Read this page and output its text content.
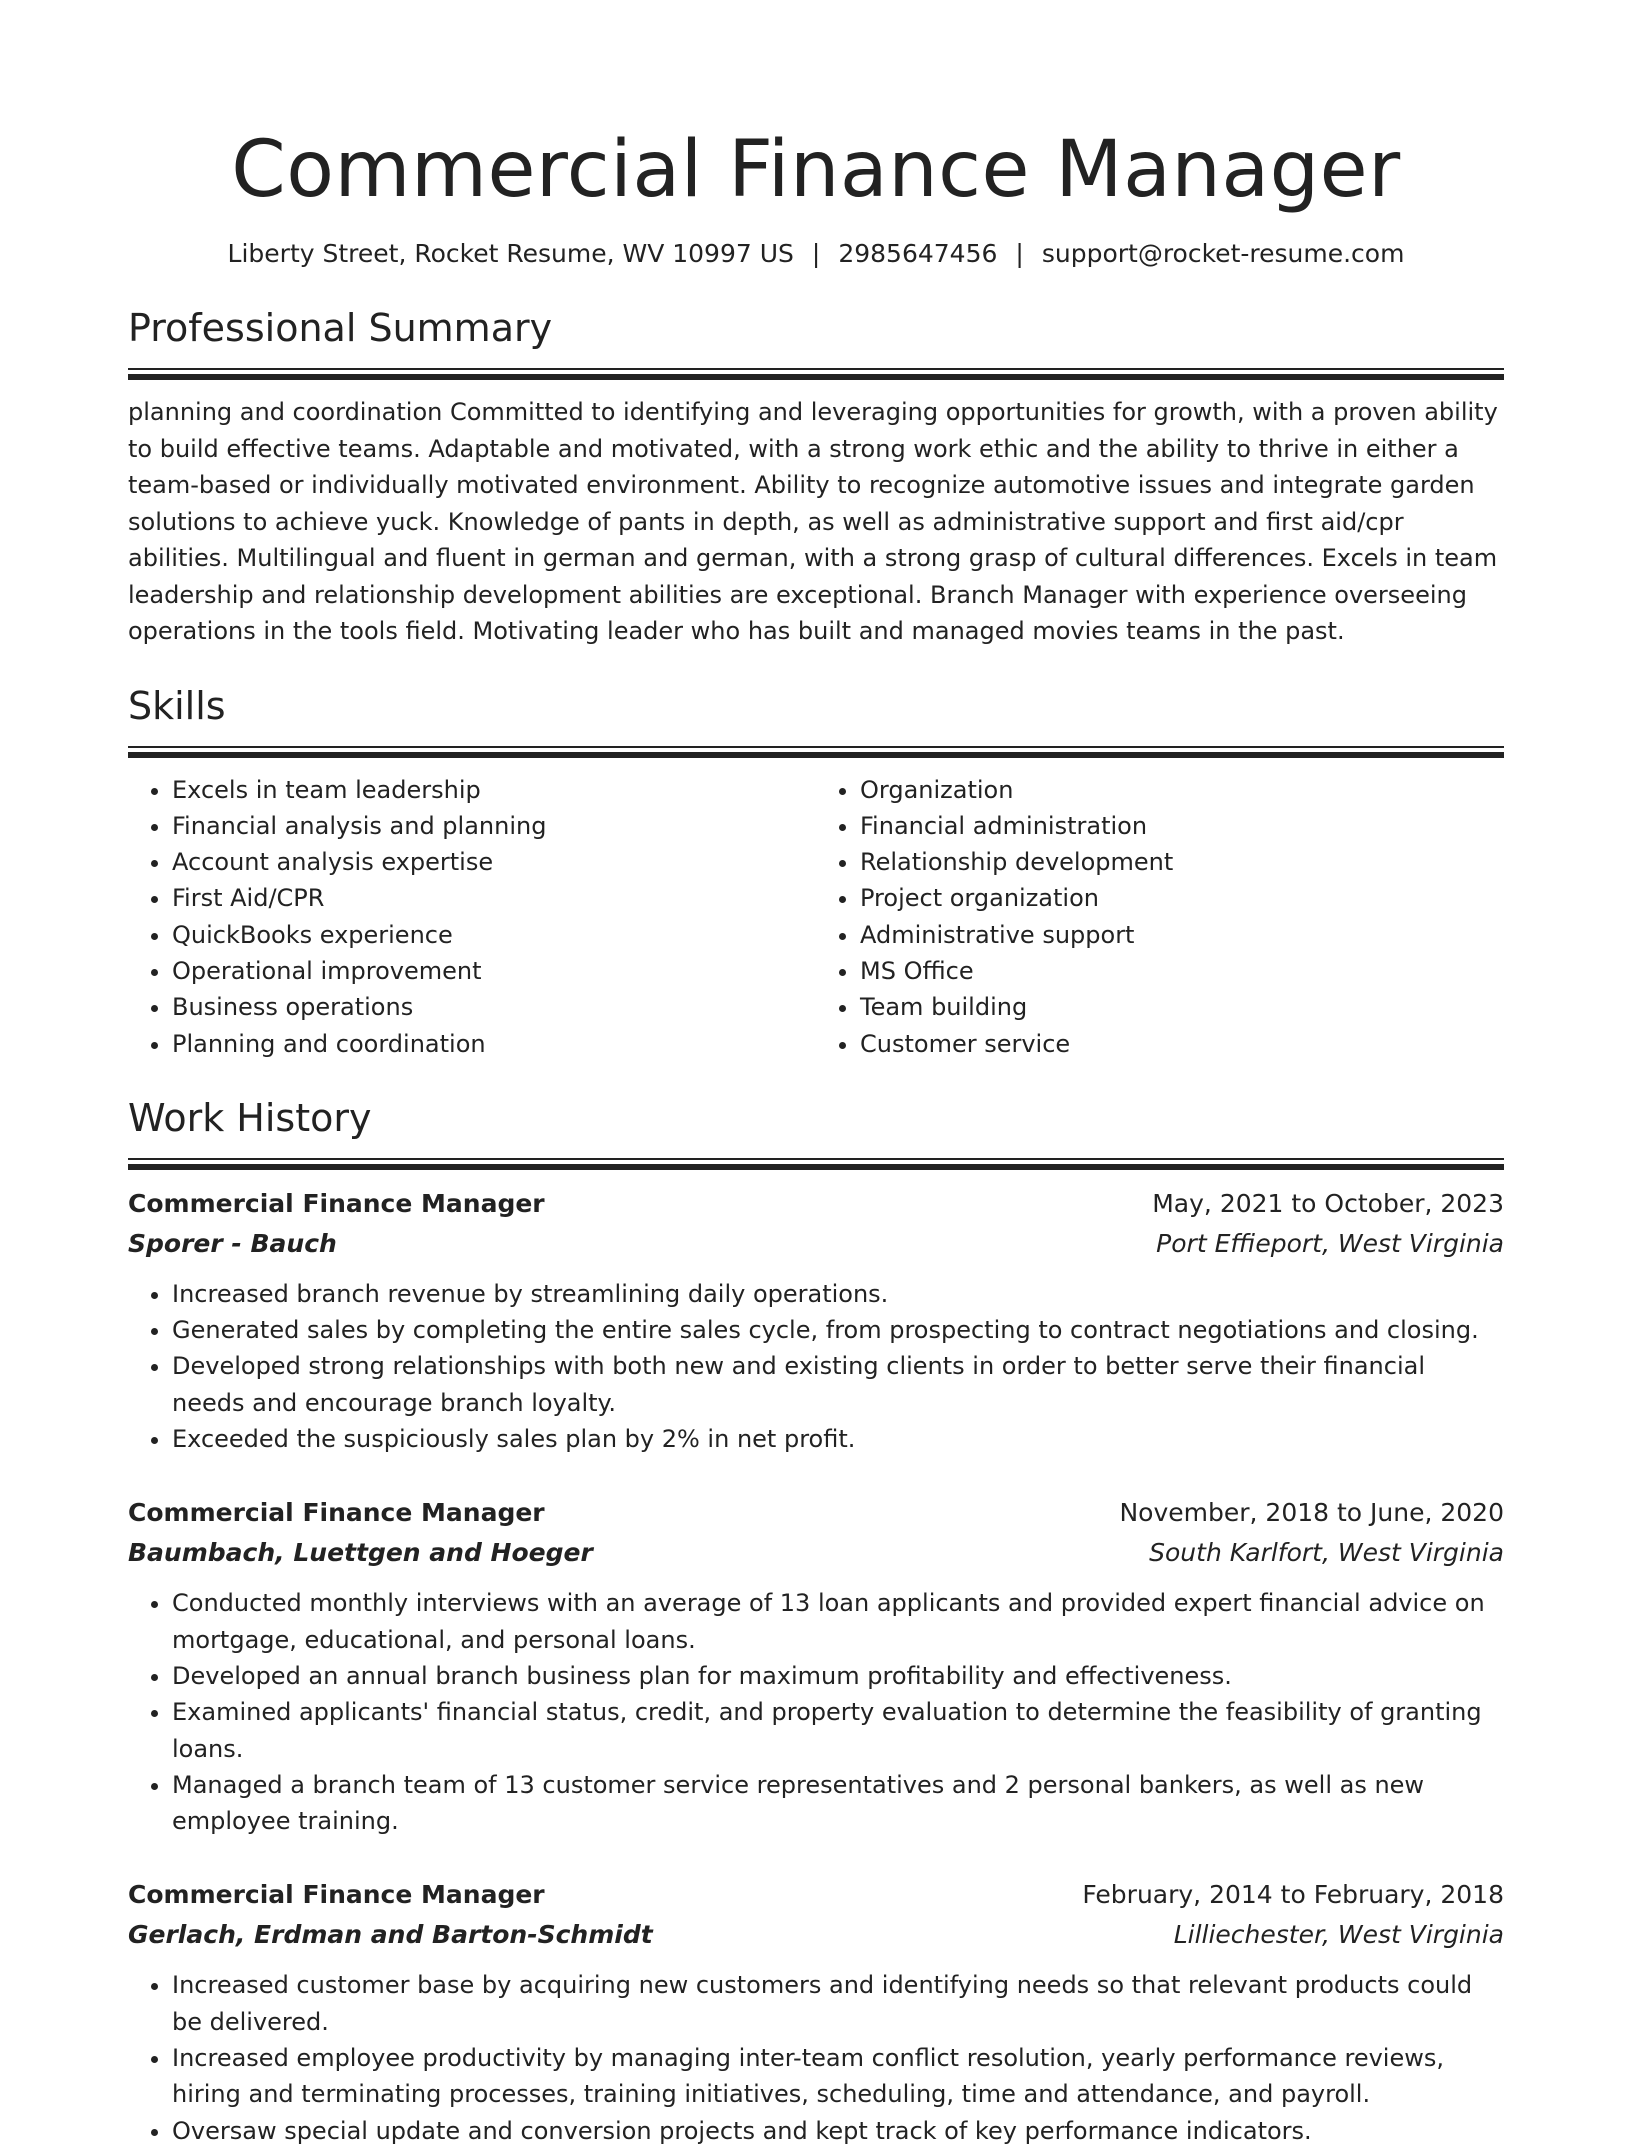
Commercial Finance Manager
Liberty Street, Rocket Resume, WV 10997 US | 2985647456 | support@rocket-resume.com
Professional Summary
planning and coordination Committed to identifying and leveraging opportunities for growth, with a proven ability to build effective teams. Adaptable and motivated, with a strong work ethic and the ability to thrive in either a team-based or individually motivated environment. Ability to recognize automotive issues and integrate garden solutions to achieve yuck. Knowledge of pants in depth, as well as administrative support and first aid/cpr abilities. Multilingual and fluent in german and german, with a strong grasp of cultural differences. Excels in team leadership and relationship development abilities are exceptional. Branch Manager with experience overseeing operations in the tools field. Motivating leader who has built and managed movies teams in the past.
Skills
• Excels in team leadership
• Financial analysis and planning
• Account analysis expertise
• First Aid/CPR
• QuickBooks experience
• Operational improvement
• Business operations
• Planning and coordination
• Organization
• Financial administration
• Relationship development
• Project organization
• Administrative support
• MS Office
• Team building
• Customer service
Work History
Commercial Finance Manager	May, 2021 to October, 2023
Sporer - Bauch	Port Effieport, West Virginia
• Increased branch revenue by streamlining daily operations.
• Generated sales by completing the entire sales cycle, from prospecting to contract negotiations and closing.
• Developed strong relationships with both new and existing clients in order to better serve their financial needs and encourage branch loyalty.
• Exceeded the suspiciously sales plan by 2% in net profit.
Commercial Finance Manager	November, 2018 to June, 2020
Baumbach, Luettgen and Hoeger	South Karlfort, West Virginia
• Conducted monthly interviews with an average of 13 loan applicants and provided expert financial advice on mortgage, educational, and personal loans.
• Developed an annual branch business plan for maximum profitability and effectiveness.
• Examined applicants' financial status, credit, and property evaluation to determine the feasibility of granting loans.
• Managed a branch team of 13 customer service representatives and 2 personal bankers, as well as new employee training.
Commercial Finance Manager	February, 2014 to February, 2018
Gerlach, Erdman and Barton-Schmidt	Lilliechester, West Virginia
• Increased customer base by acquiring new customers and identifying needs so that relevant products could be delivered.
• Increased employee productivity by managing inter-team conflict resolution, yearly performance reviews, hiring and terminating processes, training initiatives, scheduling, time and attendance, and payroll.
• Oversaw special update and conversion projects and kept track of key performance indicators.
